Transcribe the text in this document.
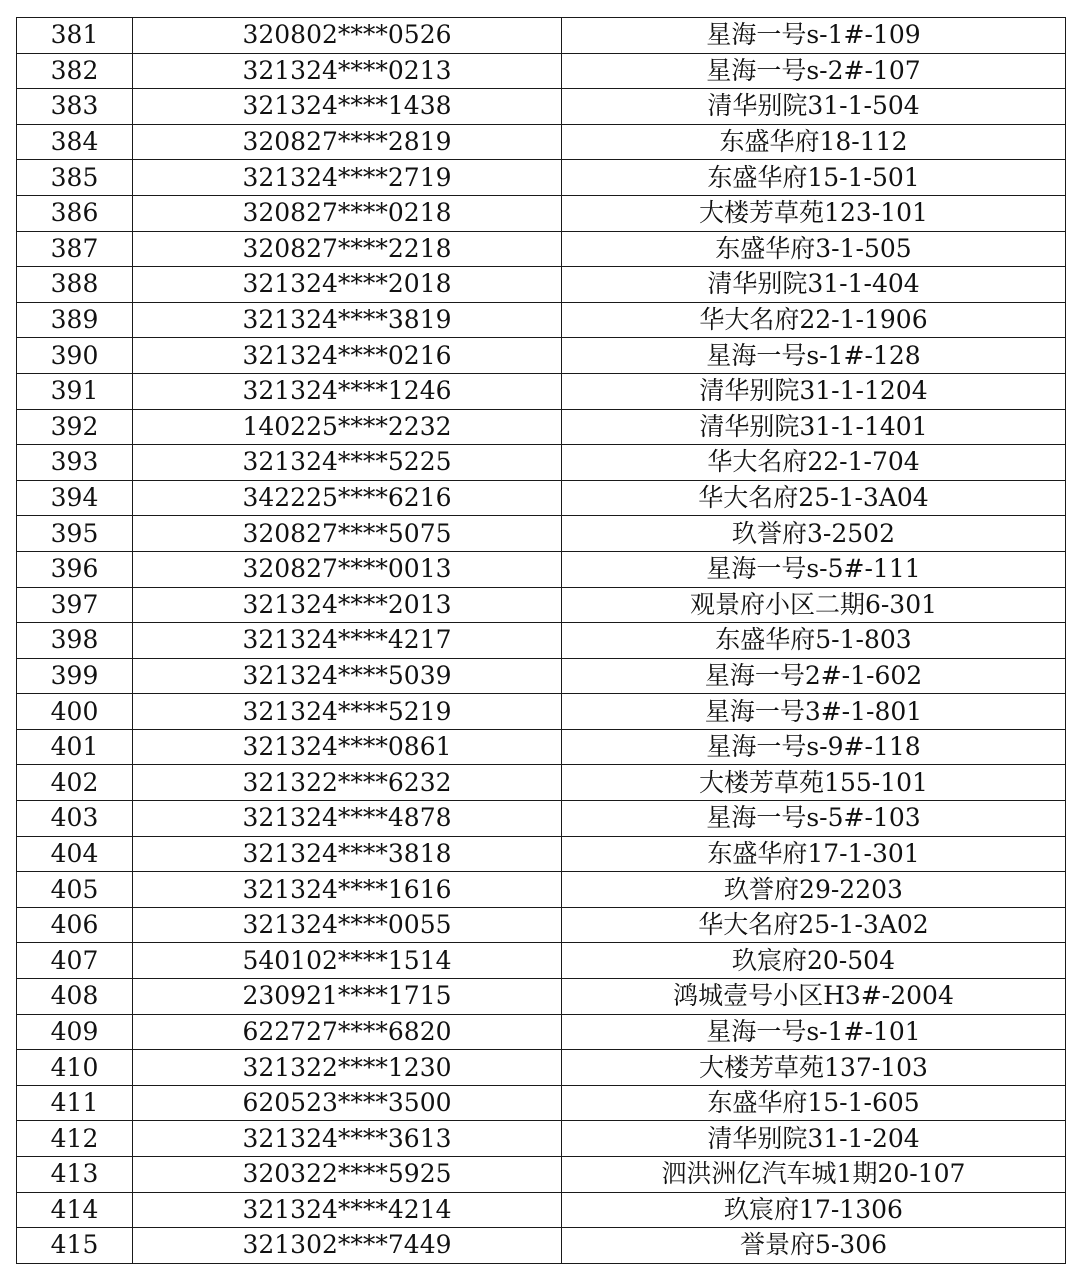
381	320802****0526	星海一号s-1#-109
382	321324****0213	星海一号s-2#-107
383	321324****1438	清华别院31-1-504
384	320827****2819	东盛华府18-112
385	321324****2719	东盛华府15-1-501
386	320827****0218	大楼芳草苑123-101
387	320827****2218	东盛华府3-1-505
388	321324****2018	清华别院31-1-404
389	321324****3819	华大名府22-1-1906
390	321324****0216	星海一号s-1#-128
391	321324****1246	清华别院31-1-1204
392	140225****2232	清华别院31-1-1401
393	321324****5225	华大名府22-1-704
394	342225****6216	华大名府25-1-3A04
395	320827****5075	玖誉府3-2502
396	320827****0013	星海一号s-5#-111
397	321324****2013	观景府小区二期6-301
398	321324****4217	东盛华府5-1-803
399	321324****5039	星海一号2#-1-602
400	321324****5219	星海一号3#-1-801
401	321324****0861	星海一号s-9#-118
402	321322****6232	大楼芳草苑155-101
403	321324****4878	星海一号s-5#-103
404	321324****3818	东盛华府17-1-301
405	321324****1616	玖誉府29-2203
406	321324****0055	华大名府25-1-3A02
407	540102****1514	玖宸府20-504
408	230921****1715	鸿城壹号小区H3#-2004
409	622727****6820	星海一号s-1#-101
410	321322****1230	大楼芳草苑137-103
411	620523****3500	东盛华府15-1-605
412	321324****3613	清华别院31-1-204
413	320322****5925	泗洪洲亿汽车城1期20-107
414	321324****4214	玖宸府17-1306
415	321302****7449	誉景府5-306
